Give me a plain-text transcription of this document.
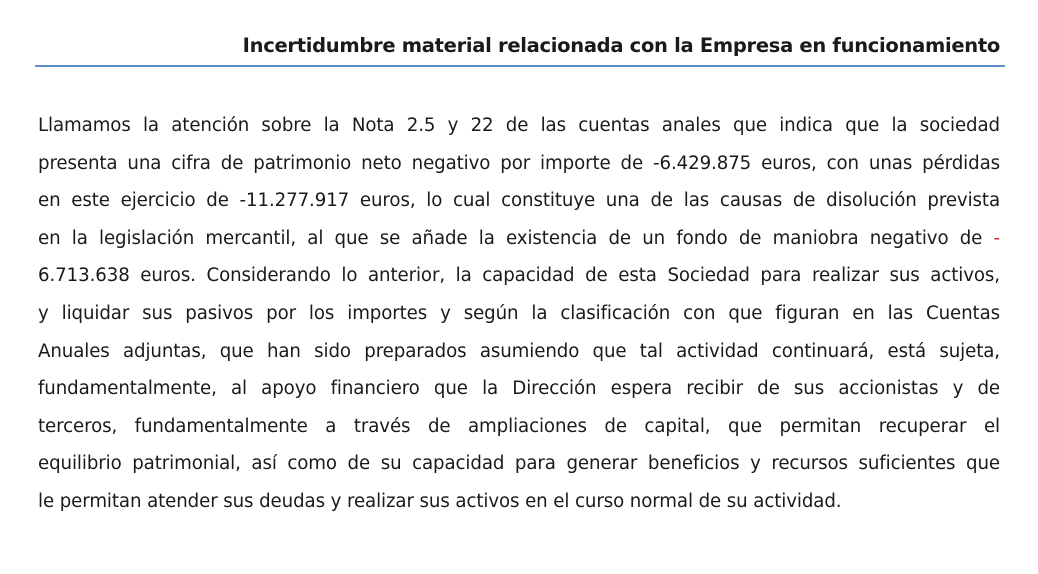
Incertidumbre material relacionada con la Empresa en funcionamiento
Llamamos la atención sobre la Nota 2.5 y 22 de las cuentas anales que indica que la sociedad
presenta una cifra de patrimonio neto negativo por importe de -6.429.875 euros, con unas pérdidas
en este ejercicio de -11.277.917 euros, lo cual constituye una de las causas de disolución prevista
en la legislación mercantil, al que se añade la existencia de un fondo de maniobra negativo de -
6.713.638 euros. Considerando lo anterior, la capacidad de esta Sociedad para realizar sus activos,
y liquidar sus pasivos por los importes y según la clasificación con que figuran en las Cuentas
Anuales adjuntas, que han sido preparados asumiendo que tal actividad continuará, está sujeta,
fundamentalmente, al apoyo financiero que la Dirección espera recibir de sus accionistas y de
terceros, fundamentalmente a través de ampliaciones de capital, que permitan recuperar el
equilibrio patrimonial, así como de su capacidad para generar beneficios y recursos suficientes que
le permitan atender sus deudas y realizar sus activos en el curso normal de su actividad.
